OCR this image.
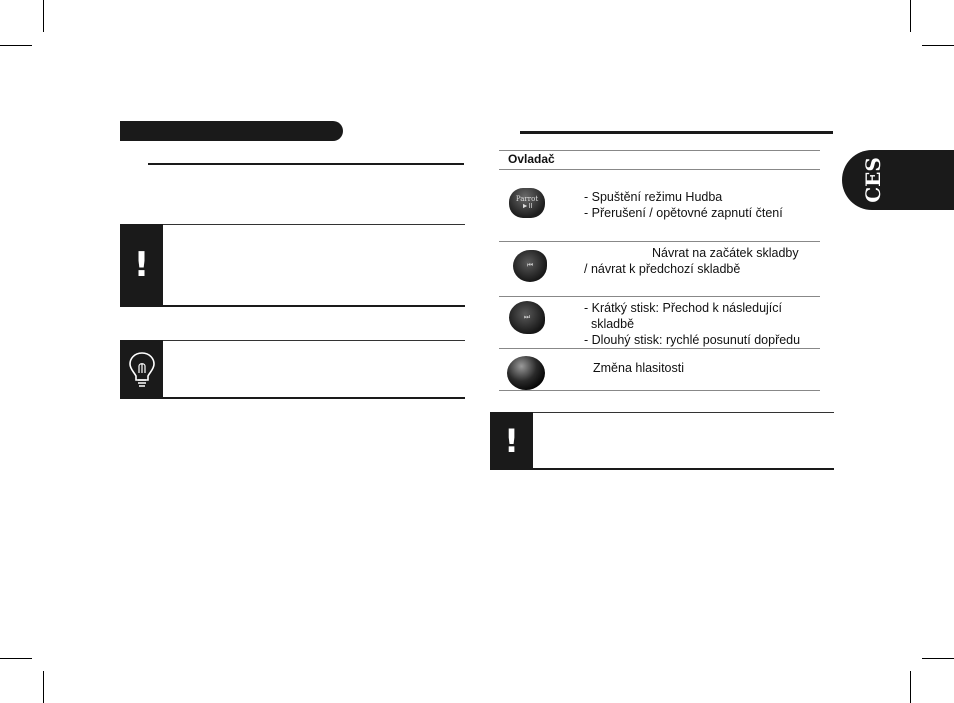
!
Ovladač
Parrot
►II
- Spuštění režimu Hudba
- Přerušení / opětovné zapnutí čtení
⏮
Návrat na začátek skladby
/ návrat k předchozí skladbě
⏭
- Krátký stisk: Přechod k následující
skladbě
- Dlouhý stisk: rychlé posunutí dopředu
Změna hlasitosti
!
CES
